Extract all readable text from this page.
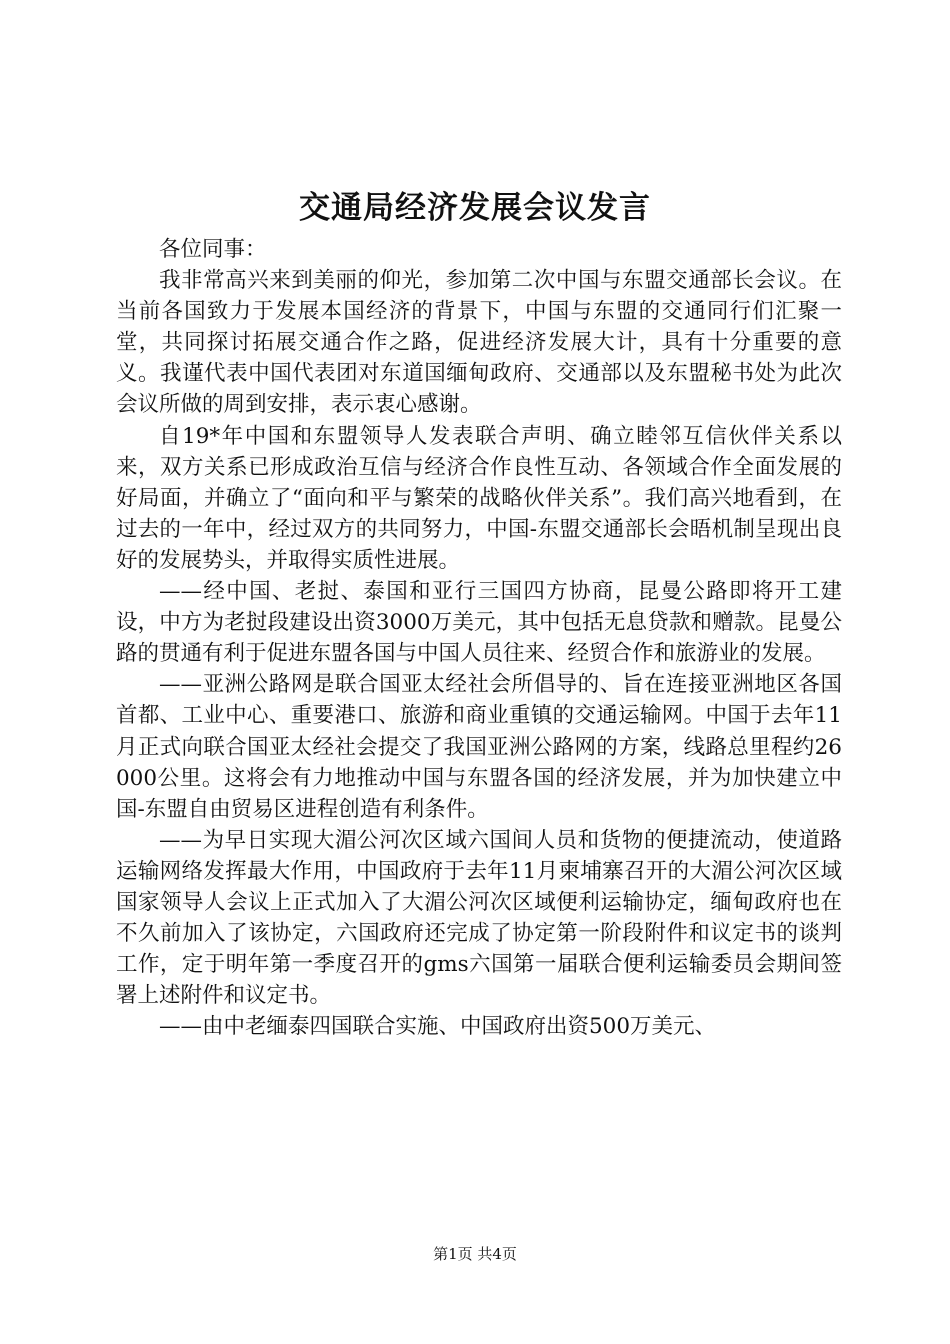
交通局经济发展会议发言

各位同事：

我非常高兴来到美丽的仰光，参加第二次中国与东盟交通部长会议。在当前各国致力于发展本国经济的背景下，中国与东盟的交通同行们汇聚一堂，共同探讨拓展交通合作之路，促进经济发展大计，具有十分重要的意义。我谨代表中国代表团对东道国缅甸政府、交通部以及东盟秘书处为此次会议所做的周到安排，表示衷心感谢。

自19*年中国和东盟领导人发表联合声明、确立睦邻互信伙伴关系以来，双方关系已形成政治互信与经济合作良性互动、各领域合作全面发展的好局面，并确立了“面向和平与繁荣的战略伙伴关系”。我们高兴地看到，在过去的一年中，经过双方的共同努力，中国-东盟交通部长会晤机制呈现出良好的发展势头，并取得实质性进展。

——经中国、老挝、泰国和亚行三国四方协商，昆曼公路即将开工建设，中方为老挝段建设出资3000万美元，其中包括无息贷款和赠款。昆曼公路的贯通有利于促进东盟各国与中国人员往来、经贸合作和旅游业的发展。

——亚洲公路网是联合国亚太经社会所倡导的、旨在连接亚洲地区各国首都、工业中心、重要港口、旅游和商业重镇的交通运输网。中国于去年11月正式向联合国亚太经社会提交了我国亚洲公路网的方案，线路总里程约26000公里。这将会有力地推动中国与东盟各国的经济发展，并为加快建立中国-东盟自由贸易区进程创造有利条件。

——为早日实现大湄公河次区域六国间人员和货物的便捷流动，使道路运输网络发挥最大作用，中国政府于去年11月柬埔寨召开的大湄公河次区域国家领导人会议上正式加入了大湄公河次区域便利运输协定，缅甸政府也在不久前加入了该协定，六国政府还完成了协定第一阶段附件和议定书的谈判工作，定于明年第一季度召开的gms六国第一届联合便利运输委员会期间签署上述附件和议定书。

——由中老缅泰四国联合实施、中国政府出资500万美元、

第1页 共4页
